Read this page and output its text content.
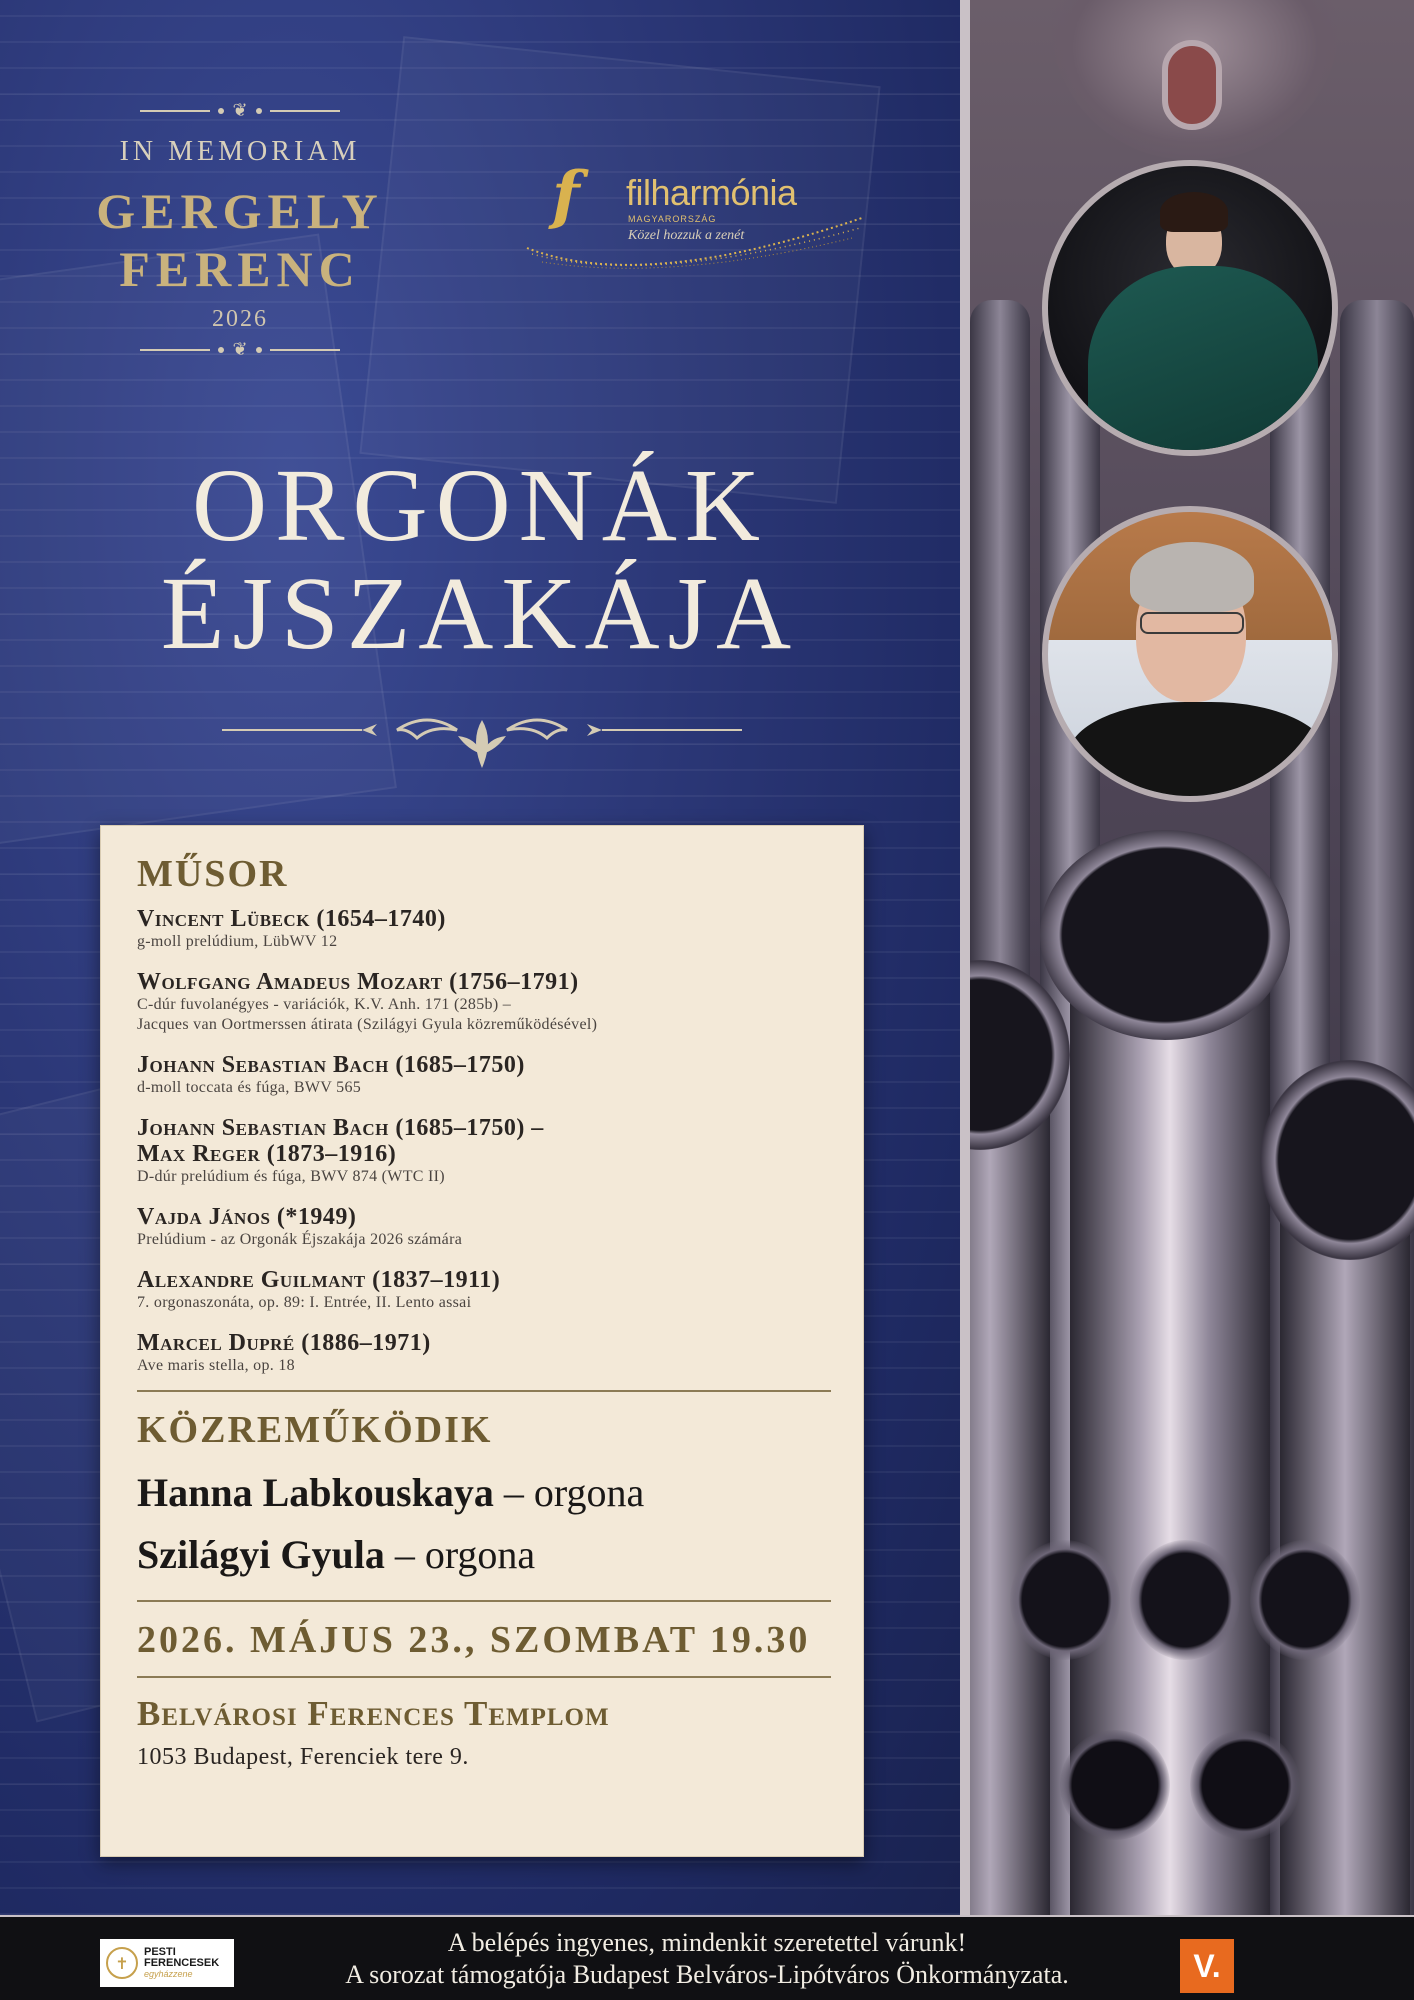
❦
IN MEMORIAM
GERGELY
FERENC
2026
❦
f filharmónia
MAGYARORSZÁG
Közel hozzuk a zenét
ORGONÁK
ÉJSZAKÁJA
MŰSOR
Vincent Lübeck (1654–1740)
g-moll prelúdium, LübWV 12
Wolfgang Amadeus Mozart (1756–1791)
C-dúr fuvolanégyes - variációk, K.V. Anh. 171 (285b) –
Jacques van Oortmerssen átirata (Szilágyi Gyula közreműködésével)
Johann Sebastian Bach (1685–1750)
d-moll toccata és fúga, BWV 565
Johann Sebastian Bach (1685–1750) –
Max Reger (1873–1916)
D-dúr prelúdium és fúga, BWV 874 (WTC II)
Vajda János (*1949)
Prelúdium - az Orgonák Éjszakája 2026 számára
Alexandre Guilmant (1837–1911)
7. orgonaszonáta, op. 89: I. Entrée, II. Lento assai
Marcel Dupré (1886–1971)
Ave maris stella, op. 18
KÖZREMŰKÖDIK
Hanna Labkouskaya – orgona
Szilágyi Gyula – orgona
2026. MÁJUS 23., SZOMBAT 19.30
Belvárosi Ferences Templom
1053 Budapest, Ferenciek tere 9.
✝
PESTI
FERENCESEK
egyházzene
A belépés ingyenes, mindenkit szeretettel várunk!
A sorozat támogatója Budapest Belváros-Lipótváros Önkormányzata.	V.
